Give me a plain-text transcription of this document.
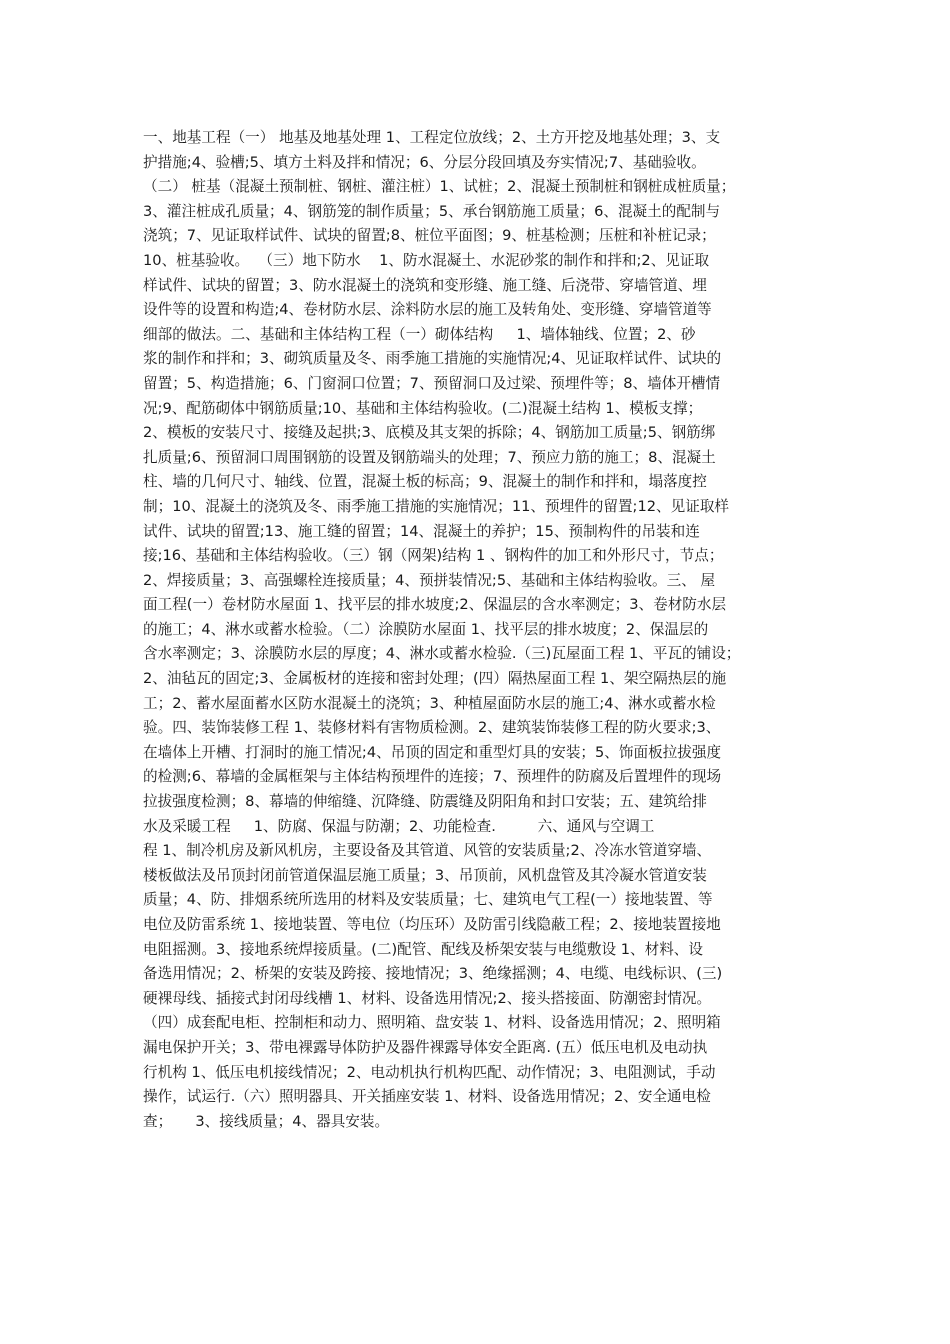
一、地基工程（一） 地基及地基处理 1、工程定位放线；2、土方开挖及地基处理；3、支
护措施;4、验槽;5、填方土料及拌和情况；6、分层分段回填及夯实情况;7、基础验收。
（二） 桩基（混凝土预制桩、钢桩、灌注桩）1、试桩；2、混凝土预制桩和钢桩成桩质量；
3、灌注桩成孔质量；4、钢筋笼的制作质量；5、承台钢筋施工质量；6、混凝土的配制与
浇筑；7、见证取样试件、试块的留置;8、桩位平面图；9、桩基检测；压桩和补桩记录；
10、桩基验收。  （三）地下防水    1、防水混凝土、水泥砂浆的制作和拌和;2、见证取
样试件、试块的留置；3、防水混凝土的浇筑和变形缝、施工缝、后浇带、穿墙管道、埋
设件等的设置和构造;4、卷材防水层、涂料防水层的施工及转角处、变形缝、穿墙管道等
细部的做法。二、基础和主体结构工程（一）砌体结构     1、墙体轴线、位置；2、砂
浆的制作和拌和；3、砌筑质量及冬、雨季施工措施的实施情况;4、见证取样试件、试块的
留置；5、构造措施；6、门窗洞口位置；7、预留洞口及过梁、预埋件等；8、墙体开槽情
况;9、配筋砌体中钢筋质量;10、基础和主体结构验收。(二)混凝土结构 1、模板支撑；
2、模板的安装尺寸、接缝及起拱;3、底模及其支架的拆除；4、钢筋加工质量;5、钢筋绑
扎质量;6、预留洞口周围钢筋的设置及钢筋端头的处理；7、预应力筋的施工；8、混凝土
柱、墙的几何尺寸、轴线、位置，混凝土板的标高；9、混凝土的制作和拌和，塌落度控
制；10、混凝土的浇筑及冬、雨季施工措施的实施情况；11、预埋件的留置;12、见证取样
试件、试块的留置;13、施工缝的留置；14、混凝土的养护；15、预制构件的吊装和连
接;16、基础和主体结构验收。（三）钢（网架)结构 1 、钢构件的加工和外形尺寸，节点；
2、焊接质量；3、高强螺栓连接质量；4、预拼装情况;5、基础和主体结构验收。三、 屋
面工程(一）卷材防水屋面 1、找平层的排水坡度;2、保温层的含水率测定；3、卷材防水层
的施工；4、淋水或蓄水检验。（二）涂膜防水屋面 1、找平层的排水坡度；2、保温层的
含水率测定；3、涂膜防水层的厚度；4、淋水或蓄水检验.（三)瓦屋面工程 1、平瓦的铺设；
2、油毡瓦的固定;3、金属板材的连接和密封处理；(四）隔热屋面工程 1、架空隔热层的施
工；2、蓄水屋面蓄水区防水混凝土的浇筑；3、种植屋面防水层的施工;4、淋水或蓄水检
验。四、装饰装修工程 1、装修材料有害物质检测。2、建筑装饰装修工程的防火要求;3、
在墙体上开槽、打洞时的施工情况;4、吊顶的固定和重型灯具的安装；5、饰面板拉拔强度
的检测;6、幕墙的金属框架与主体结构预埋件的连接；7、预埋件的防腐及后置埋件的现场
拉拔强度检测；8、幕墙的伸缩缝、沉降缝、防震缝及阴阳角和封口安装；五、建筑给排
水及采暖工程     1、防腐、保温与防潮；2、功能检查.         六、通风与空调工
程 1、制冷机房及新风机房，主要设备及其管道、风管的安装质量;2、冷冻水管道穿墙、
楼板做法及吊顶封闭前管道保温层施工质量；3、吊顶前，风机盘管及其冷凝水管道安装
质量；4、防、排烟系统所选用的材料及安装质量；七、建筑电气工程(一）接地装置、等
电位及防雷系统 1、接地装置、等电位（均压环）及防雷引线隐蔽工程；2、接地装置接地
电阻摇测。3、接地系统焊接质量。(二)配管、配线及桥架安装与电缆敷设 1、材料、设
备选用情况；2、桥架的安装及跨接、接地情况；3、绝缘摇测；4、电缆、电线标识、(三)
硬裸母线、插接式封闭母线槽 1、材料、设备选用情况;2、接头搭接面、防潮密封情况。
（四）成套配电柜、控制柜和动力、照明箱、盘安装 1、材料、设备选用情况；2、照明箱
漏电保护开关；3、带电裸露导体防护及器件裸露导体安全距离. (五）低压电机及电动执
行机构 1、低压电机接线情况；2、电动机执行机构匹配、动作情况；3、电阻测试，手动
操作，试运行.（六）照明器具、开关插座安装 1、材料、设备选用情况；2、安全通电检
查；     3、接线质量；4、器具安装。
